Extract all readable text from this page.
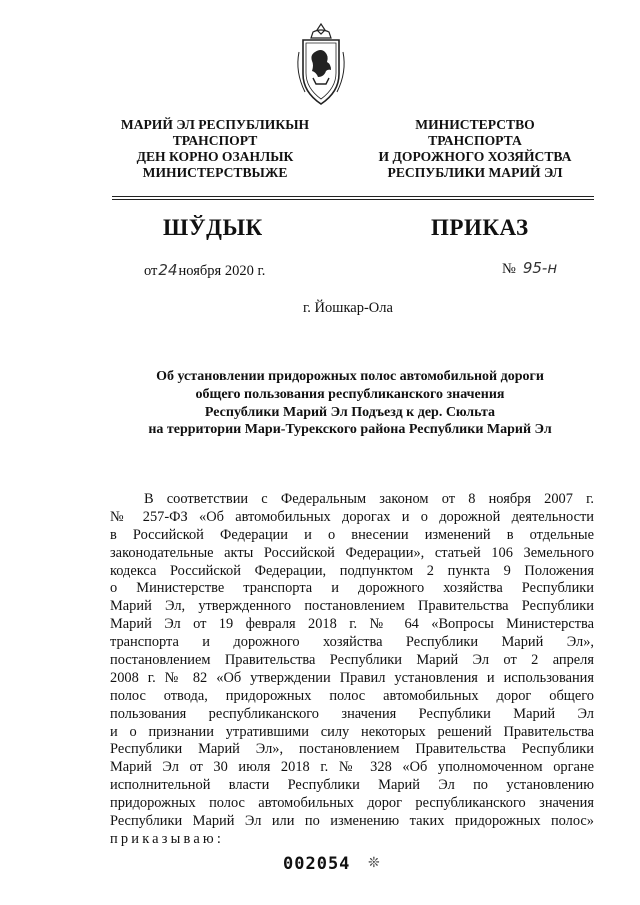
МАРИЙ ЭЛ РЕСПУБЛИКЫН
ТРАНСПОРТ
ДЕН КОРНО ОЗАНЛЫК
МИНИСТЕРСТВЫЖЕ
МИНИСТЕРСТВО
ТРАНСПОРТА
И ДОРОЖНОГО ХОЗЯЙСТВА
РЕСПУБЛИКИ МАРИЙ ЭЛ
ШЎДЫК	ПРИКАЗ
от24ноября 2020 г.	№ 95-н
г. Йошкар-Ола
Об установлении придорожных полос автомобильной дороги
общего пользования республиканского значения
Республики Марий Эл Подъезд к дер. Сюльта
на территории Мари-Турекского района Республики Марий Эл
В соответствии с Федеральным законом от 8 ноября 2007 г.
№ 257-ФЗ «Об автомобильных дорогах и о дорожной деятельности
в Российской Федерации и о внесении изменений в отдельные
законодательные акты Российской Федерации», статьей 106 Земельного
кодекса Российской Федерации, подпунктом 2 пункта 9 Положения
о Министерстве транспорта и дорожного хозяйства Республики
Марий Эл, утвержденного постановлением Правительства Республики
Марий Эл от 19 февраля 2018 г. № 64 «Вопросы Министерства
транспорта и дорожного хозяйства Республики Марий Эл»,
постановлением Правительства Республики Марий Эл от 2 апреля
2008 г. № 82 «Об утверждении Правил установления и использования
полос отвода, придорожных полос автомобильных дорог общего
пользования республиканского значения Республики Марий Эл
и о признании утратившими силу некоторых решений Правительства
Республики Марий Эл», постановлением Правительства Республики
Марий Эл от 30 июля 2018 г. № 328 «Об уполномоченном органе
исполнительной власти Республики Марий Эл по установлению
придорожных полос автомобильных дорог республиканского значения
Республики Марий Эл или по изменению таких придорожных полос»
приказываю:
002054 ❊
